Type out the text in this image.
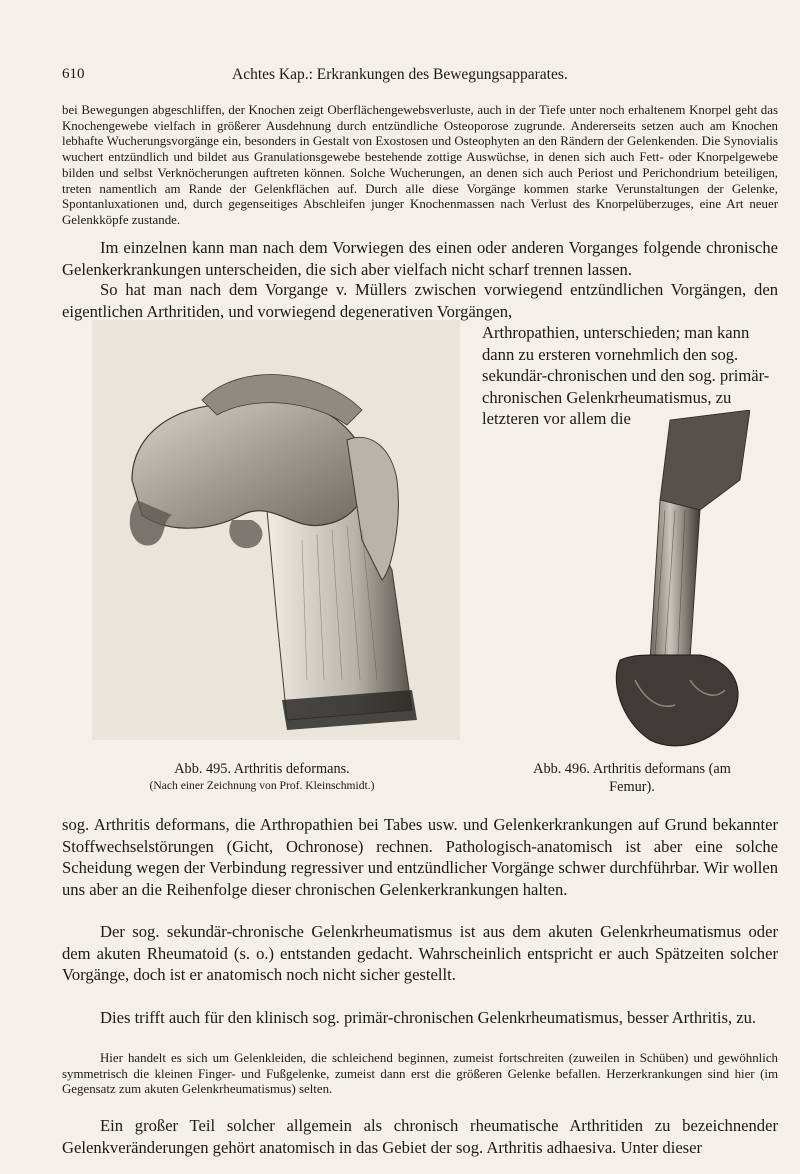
610	Achtes Kap.: Erkrankungen des Bewegungsapparates.

bei Bewegungen abgeschliffen, der Knochen zeigt Oberflächengewebsverluste, auch in der Tiefe unter noch erhaltenem Knorpel geht das Knochengewebe vielfach in größerer Ausdehnung durch entzündliche Osteoporose zugrunde. Andererseits setzen auch am Knochen lebhafte Wucherungsvorgänge ein, besonders in Gestalt von Exostosen und Osteophyten an den Rändern der Gelenkenden. Die Synovialis wuchert entzündlich und bildet aus Granulationsgewebe bestehende zottige Auswüchse, in denen sich auch Fett- oder Knorpelgewebe bilden und selbst Verknöcherungen auftreten können. Solche Wucherungen, an denen sich auch Periost und Perichondrium beteiligen, treten namentlich am Rande der Gelenkflächen auf. Durch alle diese Vorgänge kommen starke Verunstaltungen der Gelenke, Spontanluxationen und, durch gegenseitiges Abschleifen junger Knochenmassen nach Verlust des Knorpelüberzuges, eine Art neuer Gelenkköpfe zustande.

Im einzelnen kann man nach dem Vorwiegen des einen oder anderen Vorganges folgende chronische Gelenkerkrankungen unterscheiden, die sich aber vielfach nicht scharf trennen lassen.

So hat man nach dem Vorgange v. Müllers zwischen vorwiegend entzündlichen Vorgängen, den eigentlichen Arthritiden, und vorwiegend degenerativen Vorgängen,

Arthropathien, unterschieden; man kann dann zu ersteren vornehmlich den sog. sekundär-chronischen und den sog. primär-chronischen Gelenkrheumatismus, zu letzteren vor allem die

Abb. 495. Arthritis deformans.
(Nach einer Zeichnung von Prof. Kleinschmidt.)
Abb. 496. Arthritis deformans (am
Femur).

sog. Arthritis deformans, die Arthropathien bei Tabes usw. und Gelenkerkrankungen auf Grund bekannter Stoffwechselstörungen (Gicht, Ochronose) rechnen. Pathologisch-anatomisch ist aber eine solche Scheidung wegen der Verbindung regressiver und entzündlicher Vorgänge schwer durchführbar. Wir wollen uns aber an die Reihenfolge dieser chronischen Gelenkerkrankungen halten.

Der sog. sekundär-chronische Gelenkrheumatismus ist aus dem akuten Gelenkrheumatismus oder dem akuten Rheumatoid (s. o.) entstanden gedacht. Wahrscheinlich entspricht er auch Spätzeiten solcher Vorgänge, doch ist er anatomisch noch nicht sicher gestellt.

Dies trifft auch für den klinisch sog. primär-chronischen Gelenkrheumatismus, besser Arthritis, zu.

Hier handelt es sich um Gelenkleiden, die schleichend beginnen, zumeist fortschreiten (zuweilen in Schüben) und gewöhnlich symmetrisch die kleinen Finger- und Fußgelenke, zumeist dann erst die größeren Gelenke befallen. Herzerkrankungen sind hier (im Gegensatz zum akuten Gelenkrheumatismus) selten.

Ein großer Teil solcher allgemein als chronisch rheumatische Arthritiden zu bezeichnender Gelenkveränderungen gehört anatomisch in das Gebiet der sog. Arthritis adhaesiva. Unter dieser
